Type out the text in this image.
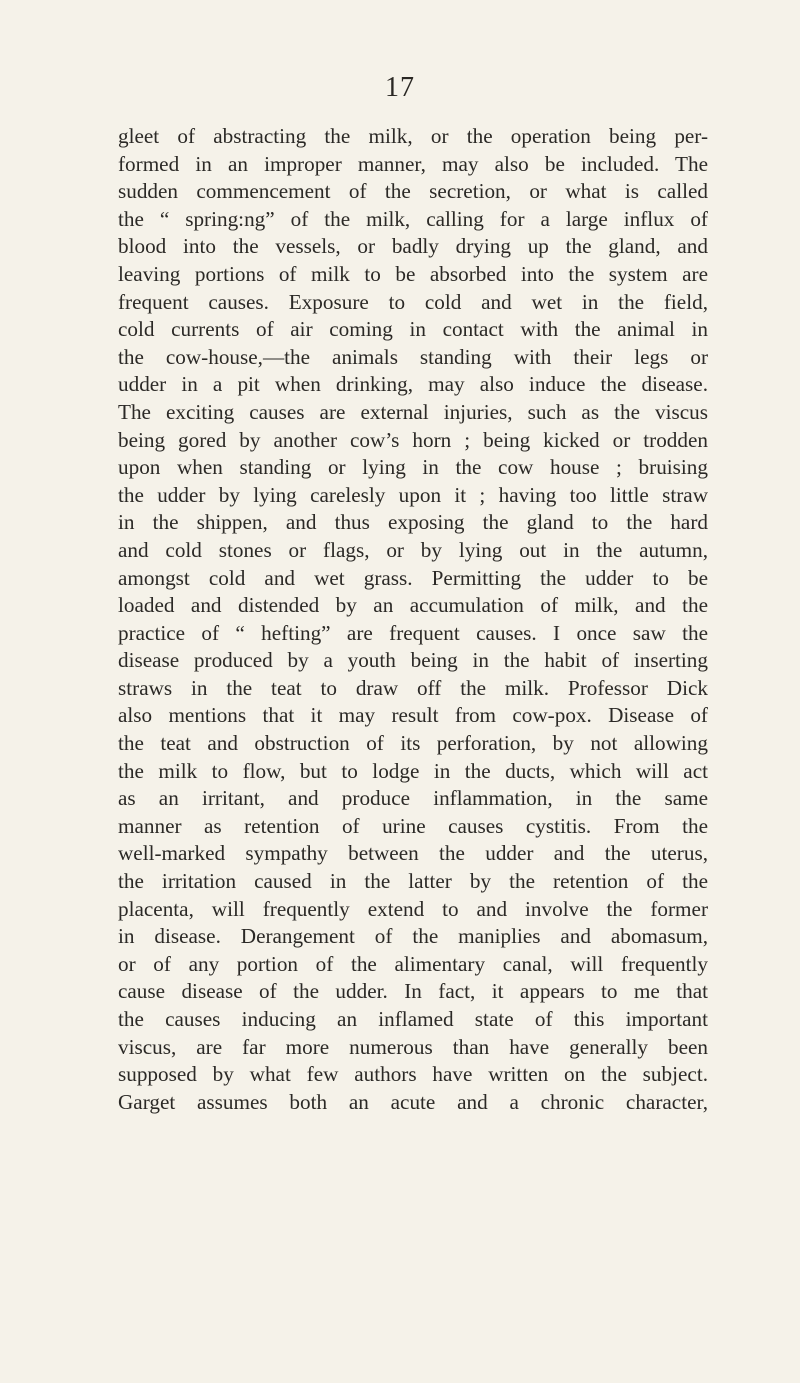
17
gleet of abstracting the milk, or the operation being per-
formed in an improper manner, may also be included. The
sudden commencement of the secretion, or what is called
the “ spring:ng” of the milk, calling for a large influx of
blood into the vessels, or badly drying up the gland, and
leaving portions of milk to be absorbed into the system are
frequent causes. Exposure to cold and wet in the field,
cold currents of air coming in contact with the animal in
the cow-house,—the animals standing with their legs or
udder in a pit when drinking, may also induce the disease.
The exciting causes are external injuries, such as the viscus
being gored by another cow’s horn ; being kicked or trodden
upon when standing or lying in the cow house ; bruising
the udder by lying carelesly upon it ; having too little straw
in the shippen, and thus exposing the gland to the hard
and cold stones or flags, or by lying out in the autumn,
amongst cold and wet grass. Permitting the udder to be
loaded and distended by an accumulation of milk, and the
practice of “ hefting” are frequent causes. I once saw the
disease produced by a youth being in the habit of inserting
straws in the teat to draw off the milk. Professor Dick
also mentions that it may result from cow-pox. Disease of
the teat and obstruction of its perforation, by not allowing
the milk to flow, but to lodge in the ducts, which will act
as an irritant, and produce inflammation, in the same
manner as retention of urine causes cystitis. From the
well-marked sympathy between the udder and the uterus,
the irritation caused in the latter by the retention of the
placenta, will frequently extend to and involve the former
in disease. Derangement of the maniplies and abomasum,
or of any portion of the alimentary canal, will frequently
cause disease of the udder. In fact, it appears to me that
the causes inducing an inflamed state of this important
viscus, are far more numerous than have generally been
supposed by what few authors have written on the subject.
Garget assumes both an acute and a chronic character,
